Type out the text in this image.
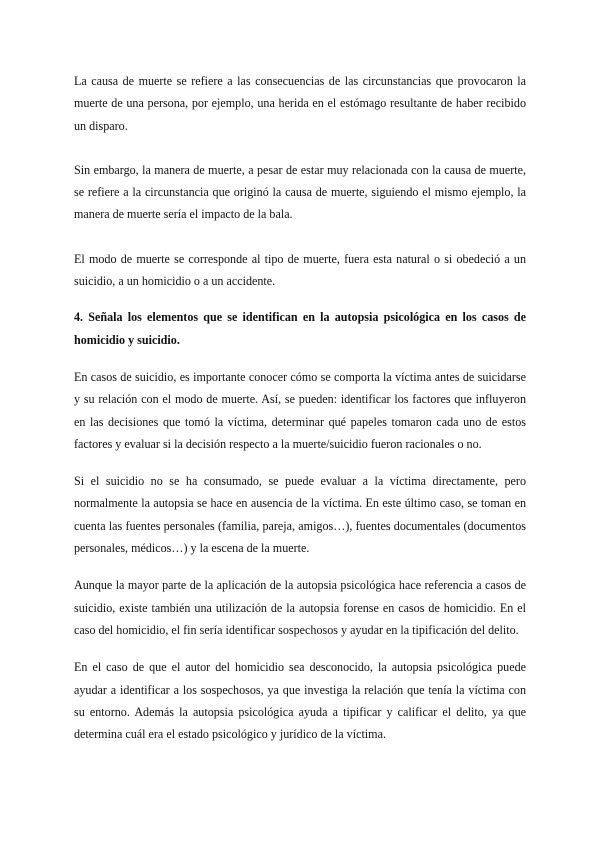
La causa de muerte se refiere a las consecuencias de las circunstancias que provocaron la muerte de una persona, por ejemplo, una herida en el estómago resultante de haber recibido un disparo.

Sin embargo, la manera de muerte, a pesar de estar muy relacionada con la causa de muerte, se refiere a la circunstancia que originó la causa de muerte, siguiendo el mismo ejemplo, la manera de muerte sería el impacto de la bala.

El modo de muerte se corresponde al tipo de muerte, fuera esta natural o si obedeció a un suicidio, a un homicidio o a un accidente.

4. Señala los elementos que se identifican en la autopsia psicológica en los casos de homicidio y suicidio.

En casos de suicidio, es importante conocer cómo se comporta la víctima antes de suicidarse y su relación con el modo de muerte. Así, se pueden: identificar los factores que influyeron en las decisiones que tomó la víctima, determinar qué papeles tomaron cada uno de estos factores y evaluar si la decisión respecto a la muerte/suicidio fueron racionales o no.

Si el suicidio no se ha consumado, se puede evaluar a la víctima directamente, pero normalmente la autopsia se hace en ausencia de la víctima. En este último caso, se toman en cuenta las fuentes personales (familia, pareja, amigos…), fuentes documentales (documentos personales, médicos…) y la escena de la muerte.

Aunque la mayor parte de la aplicación de la autopsia psicológica hace referencia a casos de suicidio, existe también una utilización de la autopsia forense en casos de homicidio. En el caso del homicidio, el fin sería identificar sospechosos y ayudar en la tipificación del delito.

En el caso de que el autor del homicidio sea desconocido, la autopsia psicológica puede ayudar a identificar a los sospechosos, ya que investiga la relación que tenía la víctima con su entorno. Además la autopsia psicológica ayuda a tipificar y calificar el delito, ya que determina cuál era el estado psicológico y jurídico de la víctima.
